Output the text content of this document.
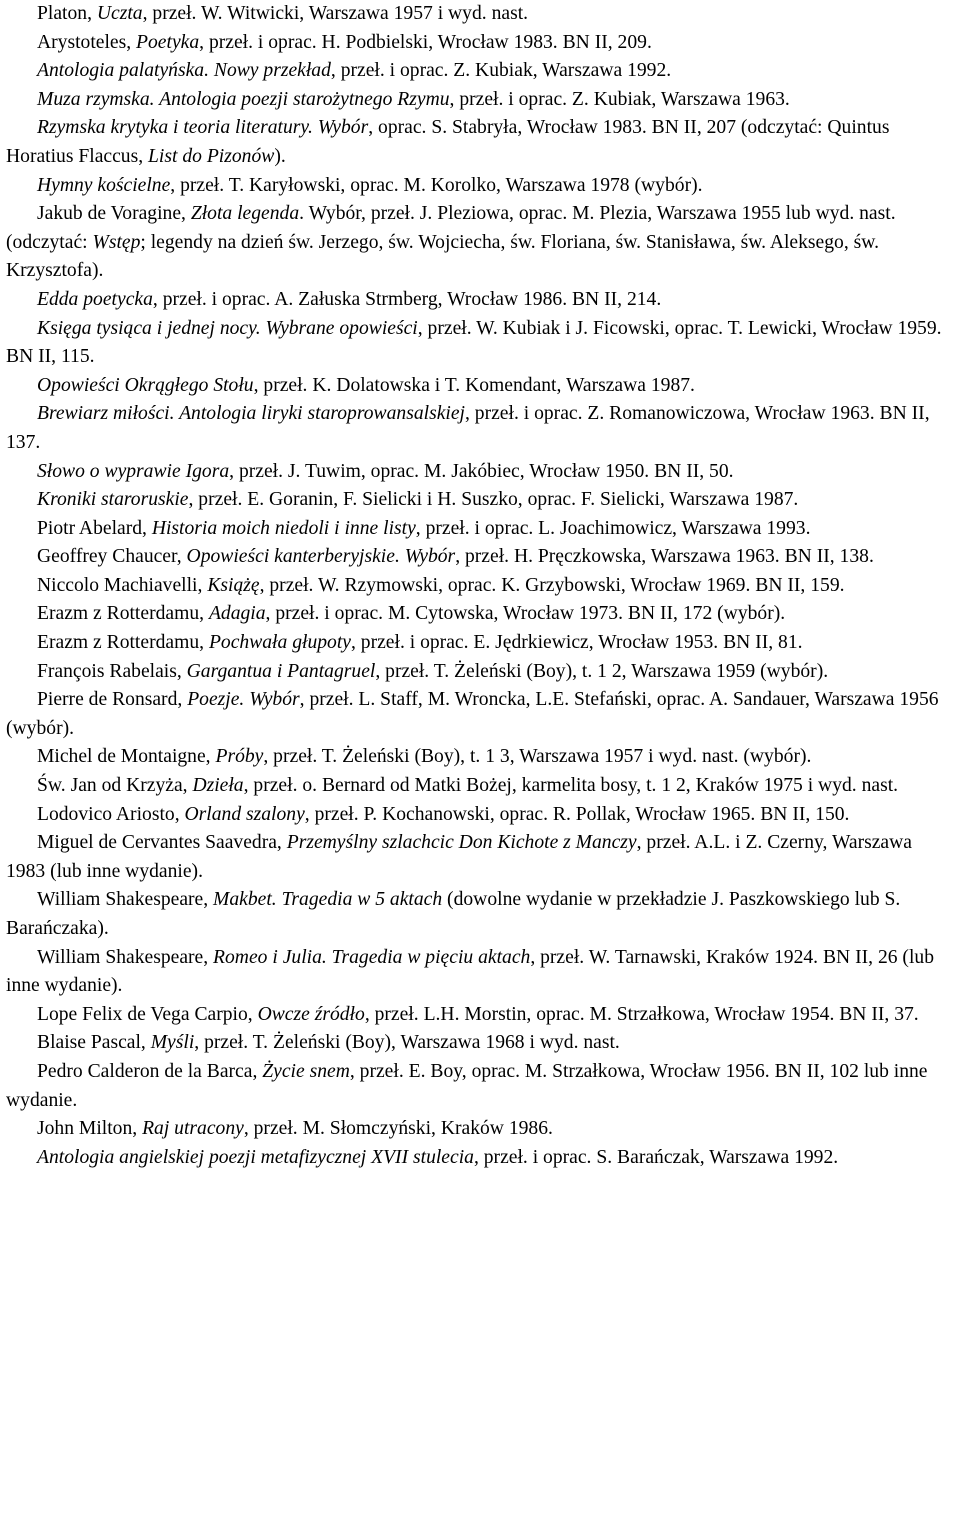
Platon, Uczta, przeł. W. Witwicki, Warszawa 1957 i wyd. nast.

Arystoteles, Poetyka, przeł. i oprac. H. Podbielski, Wrocław 1983. BN II, 209.

Antologia palatyńska. Nowy przekład, przeł. i oprac. Z. Kubiak, Warszawa 1992.

Muza rzymska. Antologia poezji starożytnego Rzymu, przeł. i oprac. Z. Kubiak, Warszawa 1963.

Rzymska krytyka i teoria literatury. Wybór, oprac. S. Stabryła, Wrocław 1983. BN II, 207 (odczytać: Quintus Horatius Flaccus, List do Pizonów).

Hymny kościelne, przeł. T. Karyłowski, oprac. M. Korolko, Warszawa 1978 (wybór).

Jakub de Voragine, Złota legenda. Wybór, przeł. J. Pleziowa, oprac. M. Plezia, Warszawa 1955 lub wyd. nast. (odczytać: Wstęp; legendy na dzień św. Jerzego, św. Wojciecha, św. Floriana, św. Stanisława, św. Aleksego, św. Krzysztofa).

Edda poetycka, przeł. i oprac. A. Załuska Strmberg, Wrocław 1986. BN II, 214.

Księga tysiąca i jednej nocy. Wybrane opowieści, przeł. W. Kubiak i J. Ficowski, oprac. T. Lewicki, Wrocław 1959. BN II, 115.

Opowieści Okrągłego Stołu, przeł. K. Dolatowska i T. Komendant, Warszawa 1987.

Brewiarz miłości. Antologia liryki staroprowansalskiej, przeł. i oprac. Z. Romanowiczowa, Wrocław 1963. BN II, 137.

Słowo o wyprawie Igora, przeł. J. Tuwim, oprac. M. Jakóbiec, Wrocław 1950. BN II, 50.

Kroniki staroruskie, przeł. E. Goranin, F. Sielicki i H. Suszko, oprac. F. Sielicki, Warszawa 1987.

Piotr Abelard, Historia moich niedoli i inne listy, przeł. i oprac. L. Joachimowicz, Warszawa 1993.

Geoffrey Chaucer, Opowieści kanterberyjskie. Wybór, przeł. H. Pręczkowska, Warszawa 1963. BN II, 138.

Niccolo Machiavelli, Książę, przeł. W. Rzymowski, oprac. K. Grzybowski, Wrocław 1969. BN II, 159.

Erazm z Rotterdamu, Adagia, przeł. i oprac. M. Cytowska, Wrocław 1973. BN II, 172 (wybór).

Erazm z Rotterdamu, Pochwała głupoty, przeł. i oprac. E. Jędrkiewicz, Wrocław 1953. BN II, 81.

François Rabelais, Gargantua i Pantagruel, przeł. T. Żeleński (Boy), t. 1 2, Warszawa 1959 (wybór).

Pierre de Ronsard, Poezje. Wybór, przeł. L. Staff, M. Wroncka, L.E. Stefański, oprac. A. Sandauer, Warszawa 1956 (wybór).

Michel de Montaigne, Próby, przeł. T. Żeleński (Boy), t. 1 3, Warszawa 1957 i wyd. nast. (wybór).

Św. Jan od Krzyża, Dzieła, przeł. o. Bernard od Matki Bożej, karmelita bosy, t. 1 2, Kraków 1975 i wyd. nast.

Lodovico Ariosto, Orland szalony, przeł. P. Kochanowski, oprac. R. Pollak, Wrocław 1965. BN II, 150.

Miguel de Cervantes Saavedra, Przemyślny szlachcic Don Kichote z Manczy, przeł. A.L. i Z. Czerny, Warszawa 1983 (lub inne wydanie).

William Shakespeare, Makbet. Tragedia w 5 aktach (dowolne wydanie w przekładzie J. Paszkowskiego lub S. Barańczaka).

William Shakespeare, Romeo i Julia. Tragedia w pięciu aktach, przeł. W. Tarnawski, Kraków 1924. BN II, 26 (lub inne wydanie).

Lope Felix de Vega Carpio, Owcze źródło, przeł. L.H. Morstin, oprac. M. Strzałkowa, Wrocław 1954. BN II, 37.

Blaise Pascal, Myśli, przeł. T. Żeleński (Boy), Warszawa 1968 i wyd. nast.

Pedro Calderon de la Barca, Życie snem, przeł. E. Boy, oprac. M. Strzałkowa, Wrocław 1956. BN II, 102 lub inne wydanie.

John Milton, Raj utracony, przeł. M. Słomczyński, Kraków 1986.

Antologia angielskiej poezji metafizycznej XVII stulecia, przeł. i oprac. S. Barańczak, Warszawa 1992.
